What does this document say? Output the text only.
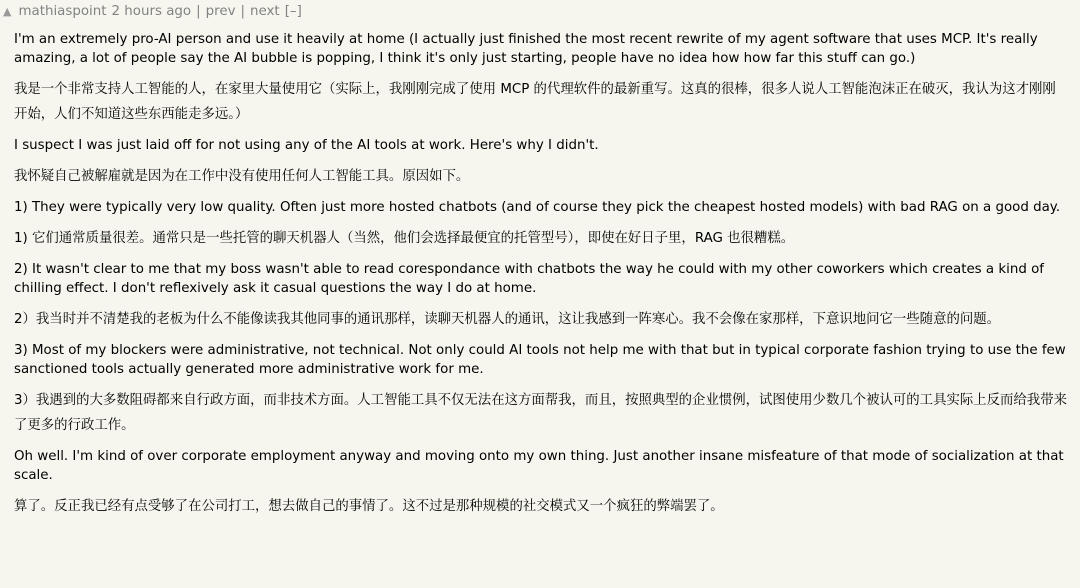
▲ mathiaspoint 2 hours ago | prev | next [–]

I'm an extremely pro-AI person and use it heavily at home (I actually just finished the most recent rewrite of my agent software that uses MCP. It's really amazing, a lot of people say the AI bubble is popping, I think it's only just starting, people have no idea how how far this stuff can go.)

我是一个非常支持人工智能的人，在家里大量使用它（实际上，我刚刚完成了使用 MCP 的代理软件的最新重写。这真的很棒，很多人说人工智能泡沫正在破灭，我认为这才刚刚开始，人们不知道这些东西能走多远。）

I suspect I was just laid off for not using any of the AI tools at work. Here's why I didn't.

我怀疑自己被解雇就是因为在工作中没有使用任何人工智能工具。原因如下。

1) They were typically very low quality. Often just more hosted chatbots (and of course they pick the cheapest hosted models) with bad RAG on a good day.

1) 它们通常质量很差。通常只是一些托管的聊天机器人（当然，他们会选择最便宜的托管型号），即使在好日子里，RAG 也很糟糕。

2) It wasn't clear to me that my boss wasn't able to read corespondance with chatbots the way he could with my other coworkers which creates a kind of chilling effect. I don't reflexively ask it casual questions the way I do at home.

2）我当时并不清楚我的老板为什么不能像读我其他同事的通讯那样，读聊天机器人的通讯，这让我感到一阵寒心。我不会像在家那样，下意识地问它一些随意的问题。

3) Most of my blockers were administrative, not technical. Not only could AI tools not help me with that but in typical corporate fashion trying to use the few sanctioned tools actually generated more administrative work for me.

3）我遇到的大多数阻碍都来自行政方面，而非技术方面。人工智能工具不仅无法在这方面帮我，而且，按照典型的企业惯例，试图使用少数几个被认可的工具实际上反而给我带来了更多的行政工作。

Oh well. I'm kind of over corporate employment anyway and moving onto my own thing. Just another insane misfeature of that mode of socialization at that scale.

算了。反正我已经有点受够了在公司打工，想去做自己的事情了。这不过是那种规模的社交模式又一个疯狂的弊端罢了。
